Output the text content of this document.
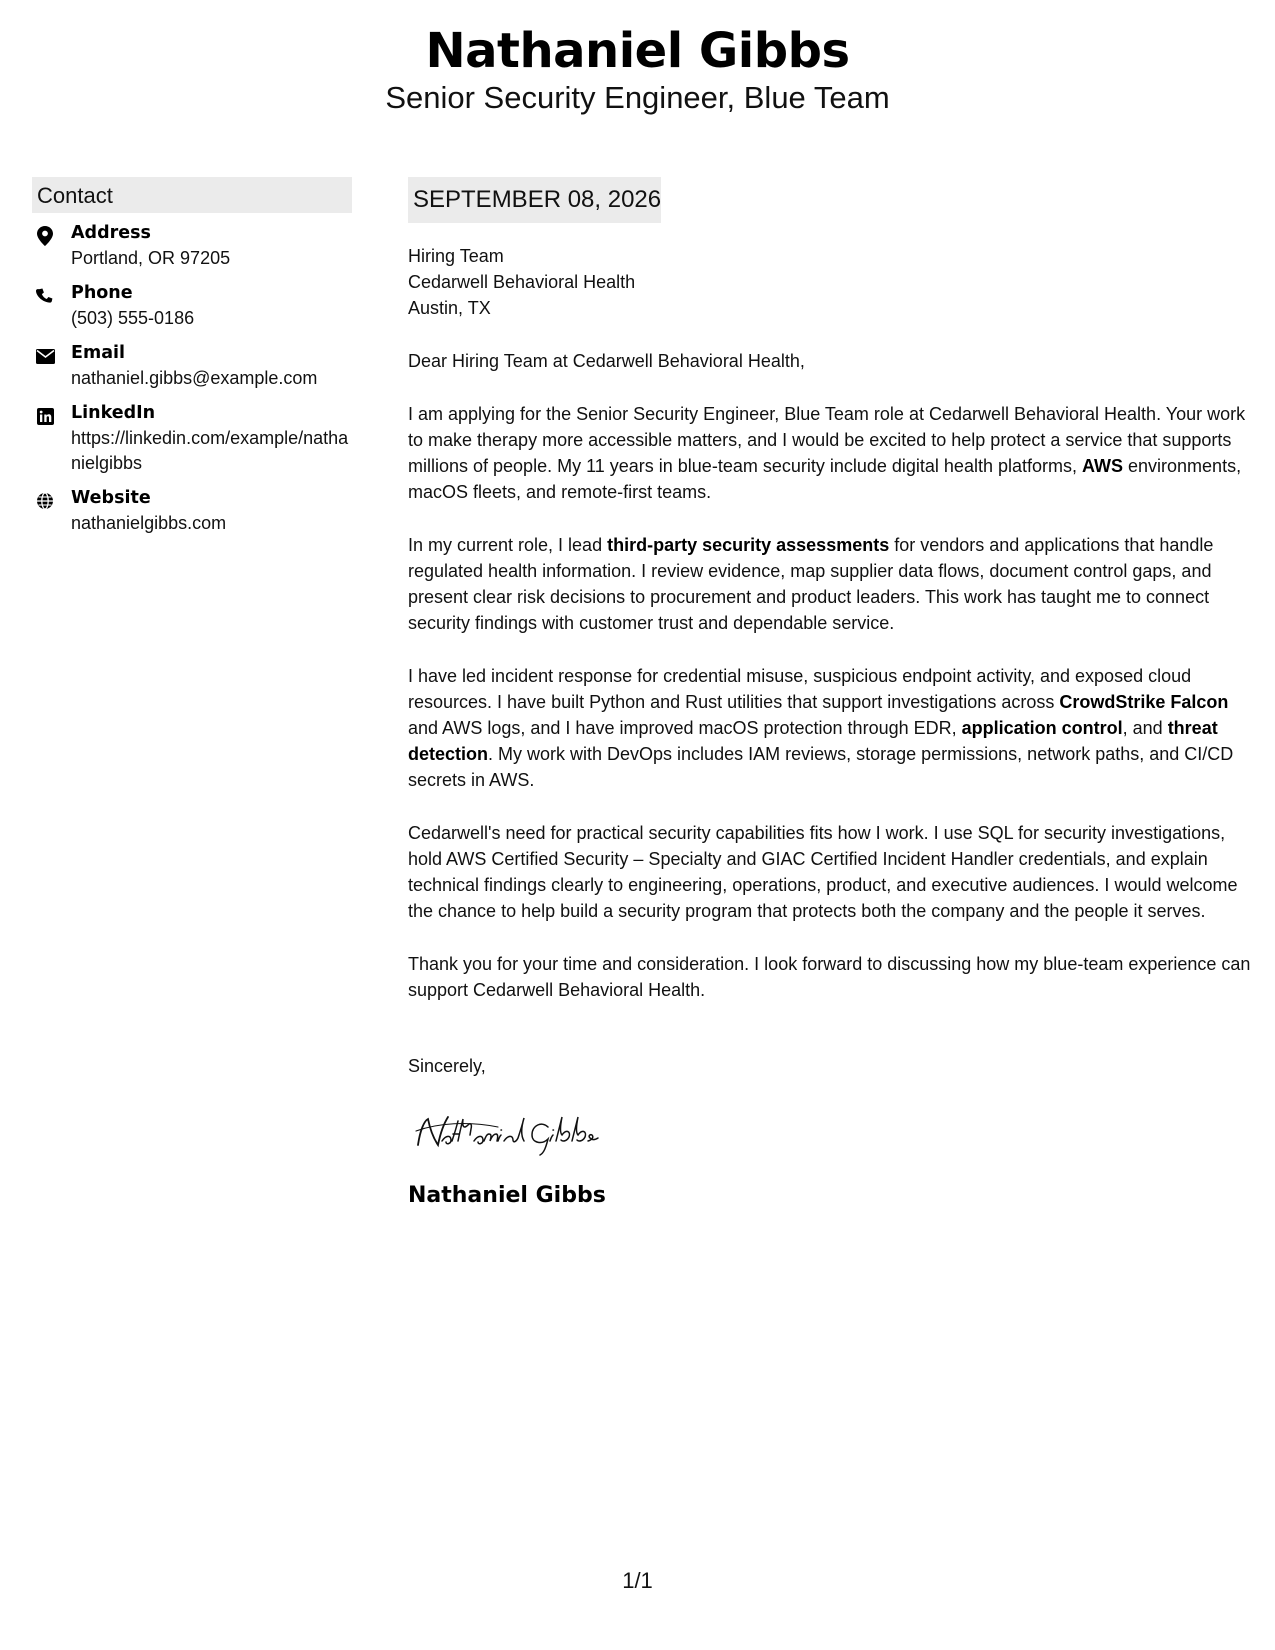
Nathaniel Gibbs

Senior Security Engineer, Blue Team

Contact
Address
Portland, OR 97205
Phone
(503) 555-0186
Email
nathaniel.gibbs@example.com
LinkedIn
https://linkedin.com/example/nathanielgibbs
Website
nathanielgibbs.com
SEPTEMBER 08, 2026
Hiring Team
Cedarwell Behavioral Health
Austin, TX

Dear Hiring Team at Cedarwell Behavioral Health,

I am applying for the Senior Security Engineer, Blue Team role at Cedarwell Behavioral Health. Your work to make therapy more accessible matters, and I would be excited to help protect a service that supports millions of people. My 11 years in blue-team security include digital health platforms, AWS environments, macOS fleets, and remote-first teams.

In my current role, I lead third-party security assessments for vendors and applications that handle regulated health information. I review evidence, map supplier data flows, document control gaps, and present clear risk decisions to procurement and product leaders. This work has taught me to connect security findings with customer trust and dependable service.

I have led incident response for credential misuse, suspicious endpoint activity, and exposed cloud resources. I have built Python and Rust utilities that support investigations across CrowdStrike Falcon and AWS logs, and I have improved macOS protection through EDR, application control, and threat detection. My work with DevOps includes IAM reviews, storage permissions, network paths, and CI/CD secrets in AWS.

Cedarwell's need for practical security capabilities fits how I work. I use SQL for security investigations, hold AWS Certified Security – Specialty and GIAC Certified Incident Handler credentials, and explain technical findings clearly to engineering, operations, product, and executive audiences. I would welcome the chance to help build a security program that protects both the company and the people it serves.

Thank you for your time and consideration. I look forward to discussing how my blue-team experience can support Cedarwell Behavioral Health.

Sincerely,
Nathaniel Gibbs
1/1
